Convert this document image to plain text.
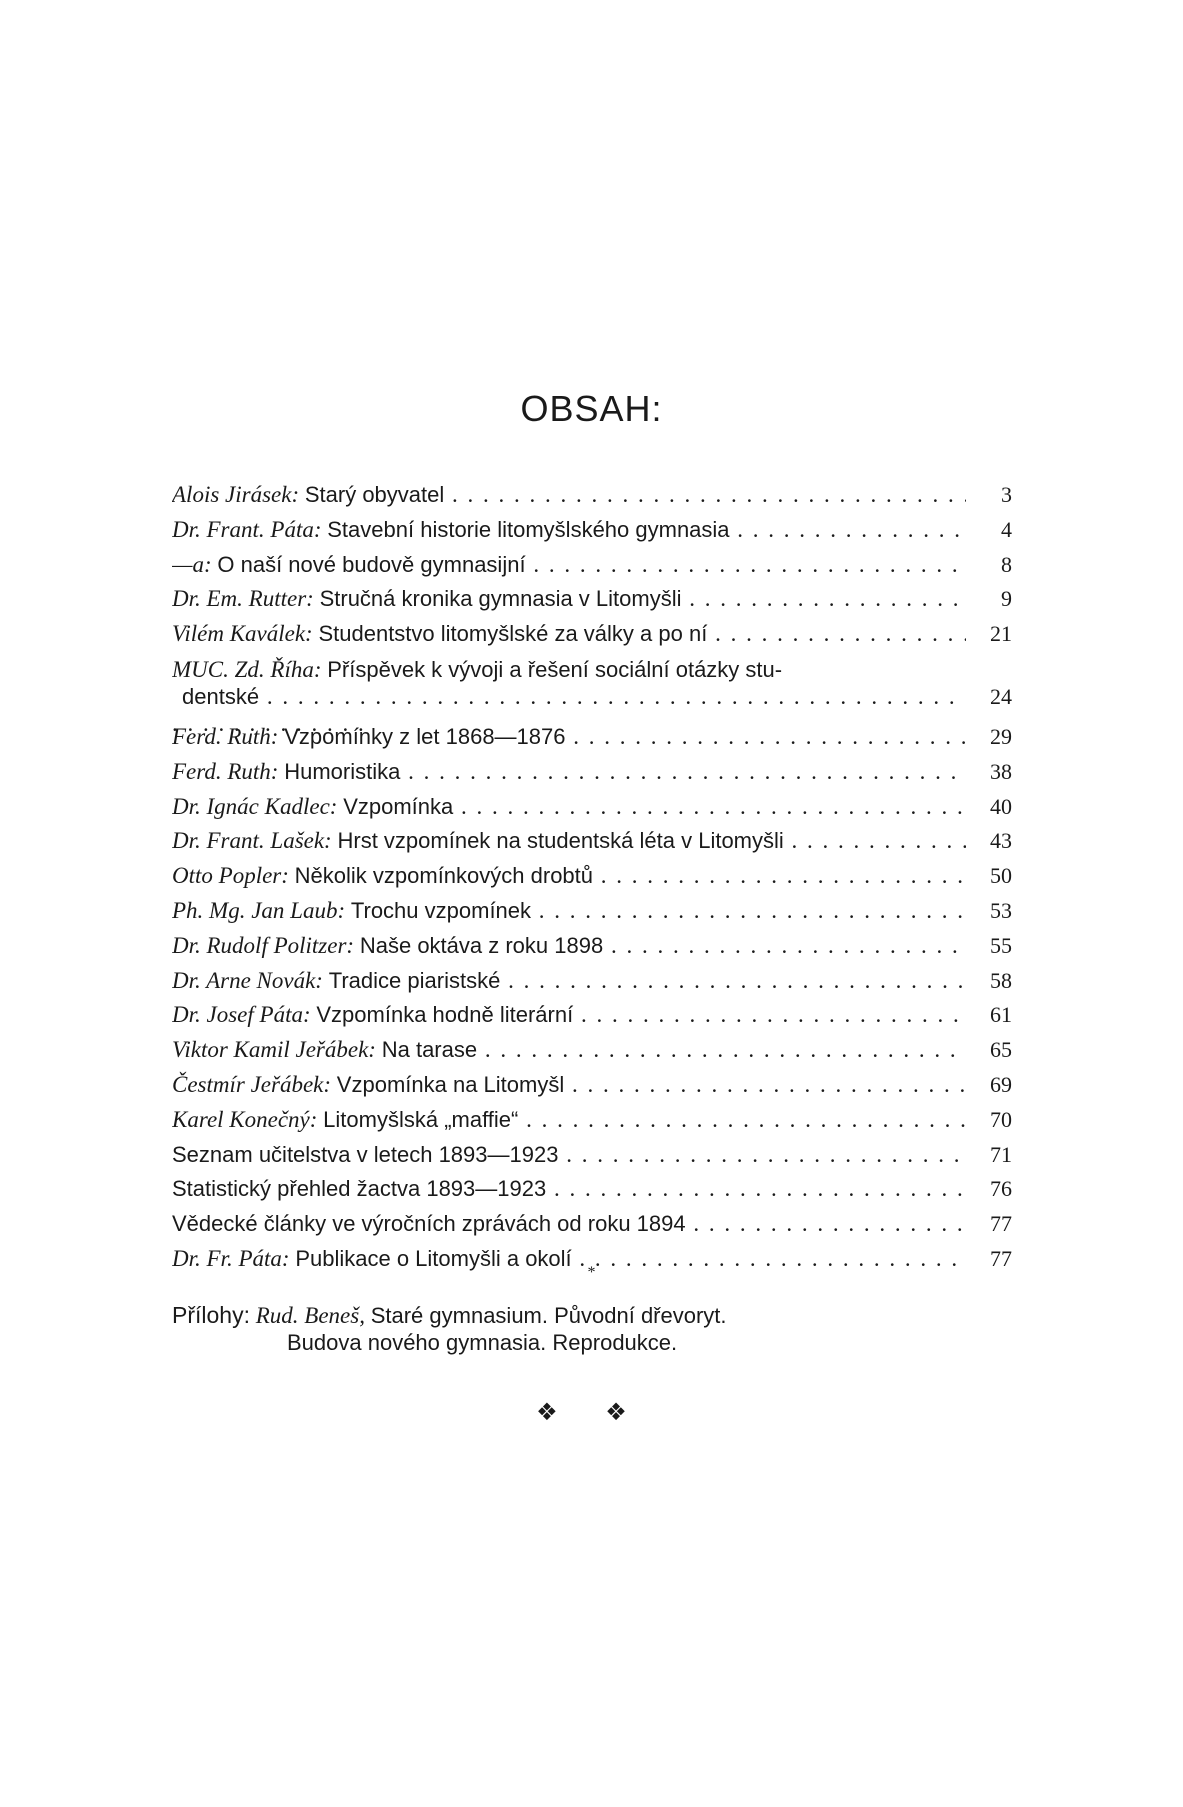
OBSAH:
Alois Jirásek: Starý obyvatel . . .	3
Dr. Frant. Páta: Stavební historie litomyšlského gymnasia . . .	4
—a: O naší nové budově gymnasijní . . .	8
Dr. Em. Rutter: Stručná kronika gymnasia v Litomyšli . . .	9
Vilém Kaválek: Studentstvo litomyšlské za války a po ní . . .	21
MUC. Zd. Říha: Příspěvek k vývoji a řešení sociální otázky stu-
dentské . . .	24
Ferd. Ruth: Vzpomínky z let 1868—1876 . . .	29
Ferd. Ruth: Humoristika . . .	38
Dr. Ignác Kadlec: Vzpomínka . . .	40
Dr. Frant. Lašek: Hrst vzpomínek na studentská léta v Litomyšli . . .	43
Otto Popler: Několik vzpomínkových drobtů . . .	50
Ph. Mg. Jan Laub: Trochu vzpomínek . . .	53
Dr. Rudolf Politzer: Naše oktáva z roku 1898 . . .	55
Dr. Arne Novák: Tradice piaristské . . .	58
Dr. Josef Páta: Vzpomínka hodně literární . . .	61
Viktor Kamil Jeřábek: Na tarase . . .	65
Čestmír Jeřábek: Vzpomínka na Litomyšl . . .	69
Karel Konečný: Litomyšlská „maffie“ . . .	70
Seznam učitelstva v letech 1893—1923 . . .	71
Statistický přehled žactva 1893—1923 . . .	76
Vědecké články ve výročních zprávách od roku 1894 . . .	77
Dr. Fr. Páta: Publikace o Litomyšli a okolí . . .	77
*
Přílohy: Rud. Beneš, Staré gymnasium. Původní dřevoryt.
Budova nového gymnasia. Reprodukce.
❖ ❖
